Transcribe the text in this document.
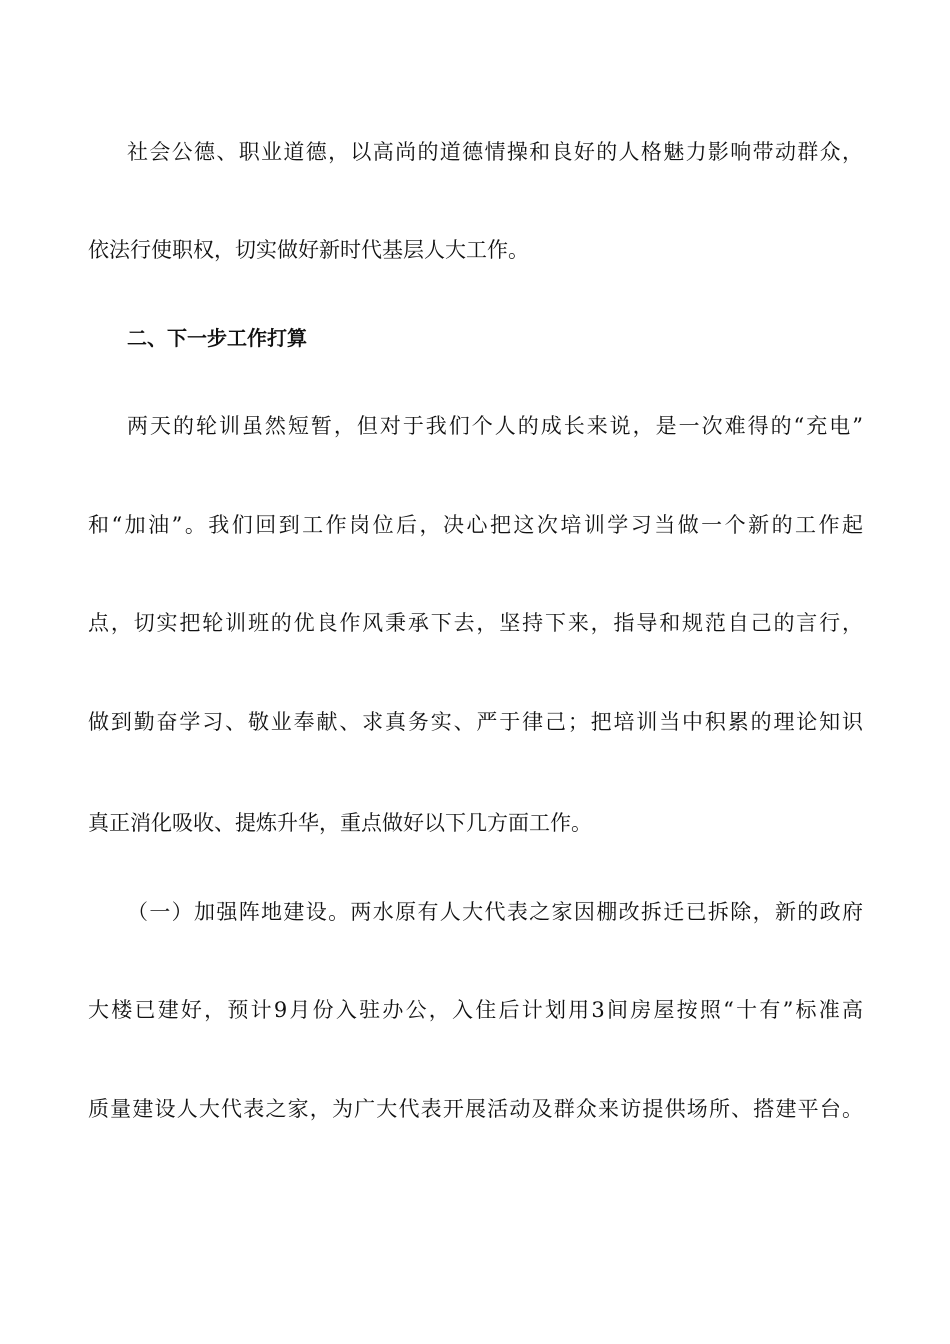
社会公德、职业道德，以高尚的道德情操和良好的人格魅力影响带动群众，
依法行使职权，切实做好新时代基层人大工作。
二、下一步工作打算
两天的轮训虽然短暂，但对于我们个人的成长来说，是一次难得的“充电”
和“加油”。我们回到工作岗位后，决心把这次培训学习当做一个新的工作起
点，切实把轮训班的优良作风秉承下去，坚持下来，指导和规范自己的言行，
做到勤奋学习、敬业奉献、求真务实、严于律己；把培训当中积累的理论知识
真正消化吸收、提炼升华，重点做好以下几方面工作。
（一）加强阵地建设。两水原有人大代表之家因棚改拆迁已拆除，新的政府
大楼已建好，预计9月份入驻办公，入住后计划用3间房屋按照“十有”标准高
质量建设人大代表之家，为广大代表开展活动及群众来访提供场所、搭建平台。
